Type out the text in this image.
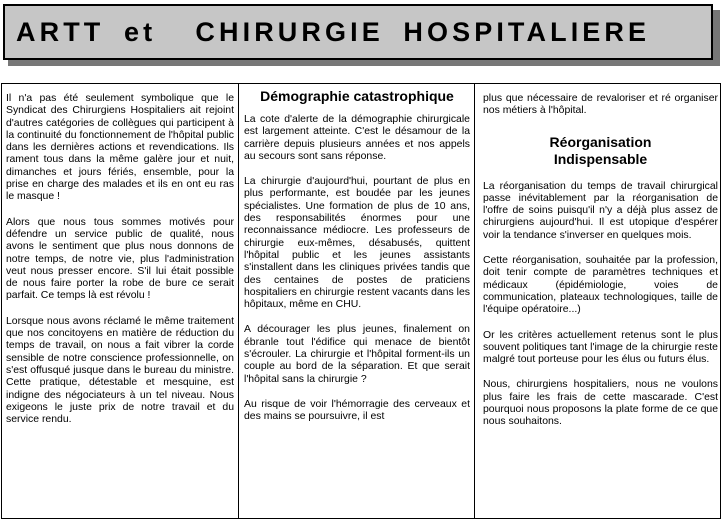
ARTT et  CHIRURGIE HOSPITALIERE

Il n'a pas été seulement symbolique que le Syndicat des Chirurgiens Hospitaliers ait rejoint d'autres catégories de collègues qui participent à la continuité du fonctionnement de l'hôpital public dans les dernières actions et revendications. Ils rament tous dans la même galère jour et nuit, dimanches et jours fériés, ensemble, pour la prise en charge des malades et ils en ont eu ras le masque !

Alors que nous tous sommes motivés pour défendre un service public de qualité, nous avons le sentiment que plus nous donnons de notre temps, de notre vie, plus l'administration veut nous presser encore. S'il lui était possible de nous faire porter la robe de bure ce serait parfait. Ce temps là est révolu !

Lorsque nous avons réclamé le même traitement que nos concitoyens en matière de réduction du temps de travail, on nous a fait vibrer la corde sensible de notre conscience professionnelle, on s'est offusqué jusque dans le bureau du ministre. Cette pratique, détestable et mesquine, est indigne des négociateurs à un tel niveau. Nous exigeons le juste prix de notre travail et du service rendu.

Démographie catastrophique

La cote d'alerte de la démographie chirurgicale est largement atteinte. C'est le désamour de la carrière depuis plusieurs années et nos appels au secours sont sans réponse.

La chirurgie d'aujourd'hui, pourtant de plus en plus performante, est boudée par les jeunes spécialistes. Une formation de plus de 10 ans, des responsabilités énormes pour une reconnaissance médiocre. Les professeurs de chirurgie eux-mêmes, désabusés, quittent l'hôpital public et les jeunes assistants s'installent dans les cliniques privées tandis que des centaines de postes de praticiens hospitaliers en chirurgie restent vacants dans les hôpitaux, même en CHU.

A décourager les plus jeunes, finalement on ébranle tout l'édifice qui menace de bientôt s'écrouler. La chirurgie et l'hôpital forment-ils un couple au bord de la séparation. Et que serait l'hôpital sans la chirurgie ?

Au risque de voir l'hémorragie des cerveaux et des mains se poursuivre, il est

plus que nécessaire de revaloriser et ré organiser nos métiers à l'hôpital.

Réorganisation
Indispensable

La réorganisation du temps de travail chirurgical passe inévitablement par la réorganisation de l'offre de soins puisqu'il n'y a déjà plus assez de chirurgiens aujourd'hui. Il est utopique d'espérer voir la tendance s'inverser en quelques mois.

Cette réorganisation, souhaitée par la profession, doit tenir compte de paramètres techniques et médicaux (épidémiologie, voies de communication, plateaux technologiques, taille de l'équipe opératoire...)

Or les critères actuellement retenus sont le plus souvent politiques tant l'image de la chirurgie reste malgré tout porteuse pour les élus ou futurs élus.

Nous, chirurgiens hospitaliers, nous ne voulons plus faire les frais de cette mascarade. C'est pourquoi nous proposons la plate forme de ce que nous souhaitons.
